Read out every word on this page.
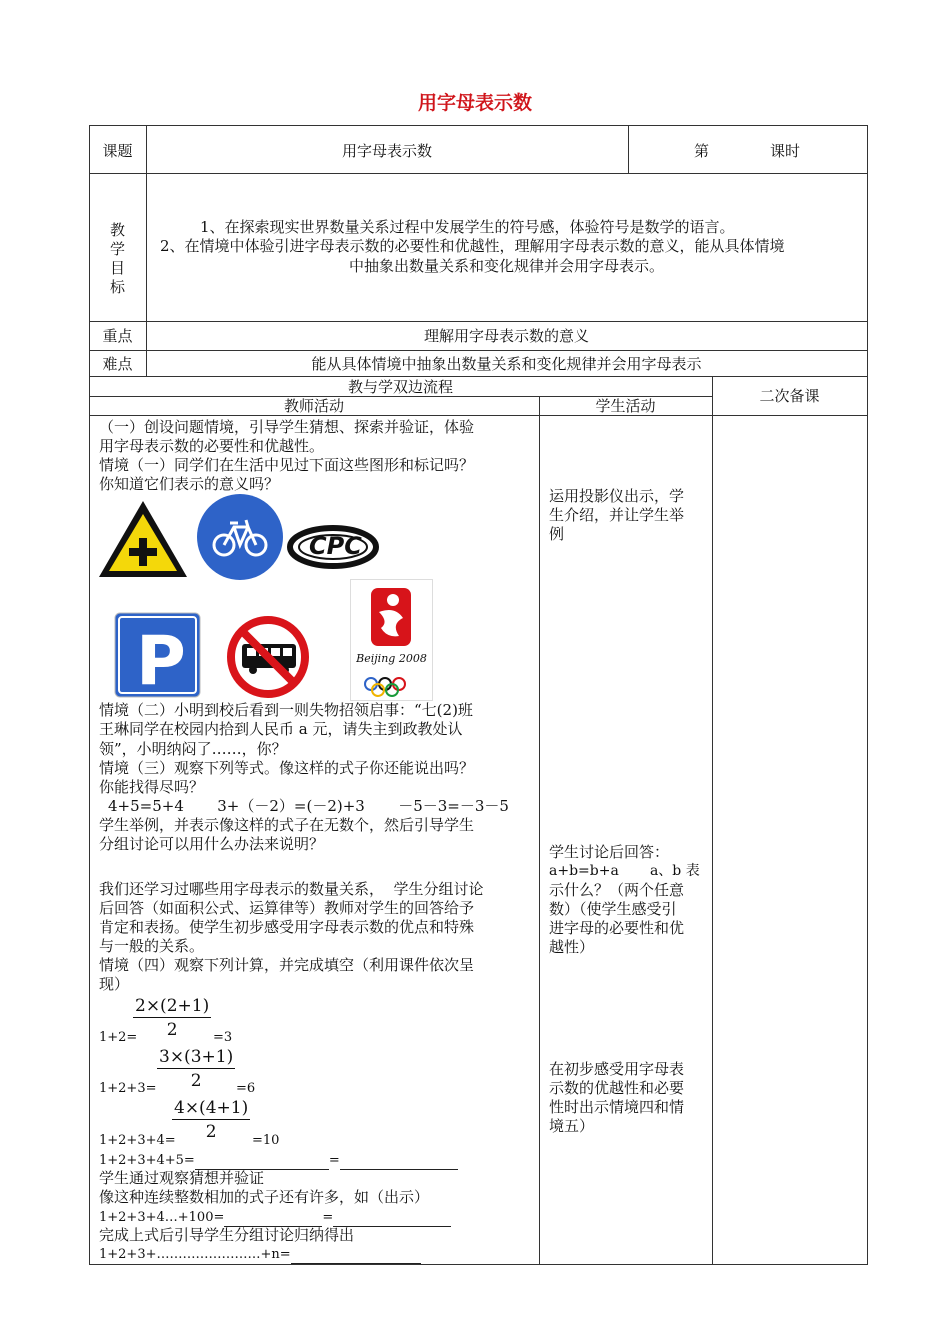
用字母表示数
课题	用字母表示数	第	课时
教
学
目
标
1、在探索现实世界数量关系过程中发展学生的符号感，体验符号是数学的语言。
2、在情境中体验引进字母表示数的必要性和优越性，理解用字母表示数的意义，能从具体情境
中抽象出数量关系和变化规律并会用字母表示。
重点	理解用字母表示数的意义
难点	能从具体情境中抽象出数量关系和变化规律并会用字母表示
教与学双边流程
教师活动	学生活动
二次备课
（一）创设问题情境，引导学生猜想、探索并验证，体验
用字母表示数的必要性和优越性。
情境（一）同学们在生活中见过下面这些图形和标记吗？
你知道它们表示的意义吗？
CPC
P	Beijing 2008
情境（二）小明到校后看到一则失物招领启事：“七(2)班
王琳同学在校园内拾到人民币 a 元，请失主到政教处认
领”，小明纳闷了……，你？
情境（三）观察下列等式。像这样的式子你还能说出吗？
你能找得尽吗？
4+5=5+4       3+（－2）=(－2)+3       －5－3=－3－5
学生举例，并表示像这样的式子在无数个，然后引导学生
分组讨论可以用什么办法来说明？
我们还学习过哪些用字母表示的数量关系，  学生分组讨论
后回答（如面积公式、运算律等）教师对学生的回答给予
肯定和表扬。使学生初步感受用字母表示数的优点和特殊
与一般的关系。
情境（四）观察下列计算，并完成填空（利用课件依次呈
现）
$\frac{2\times(2+1)}{2}$
1+2=	=3
$\frac{3\times(3+1)}{2}$
1+2+3=	=6
$\frac{4\times(4+1)}{2}$
1+2+3+4=	=10
1+2+3+4+5=	=
学生通过观察猜想并验证
像这种连续整数相加的式子还有许多，如（出示）
1+2+3+4…+100=	=
完成上式后引导学生分组讨论归纳得出
1+2+3+……………………+n=
运用投影仪出示，学
生介绍，并让学生举
例
学生讨论后回答：
a+b=b+a       a、b 表
示什么？（两个任意
数）（使学生感受引
进字母的必要性和优
越性）
在初步感受用字母表
示数的优越性和必要
性时出示情境四和情
境五）
